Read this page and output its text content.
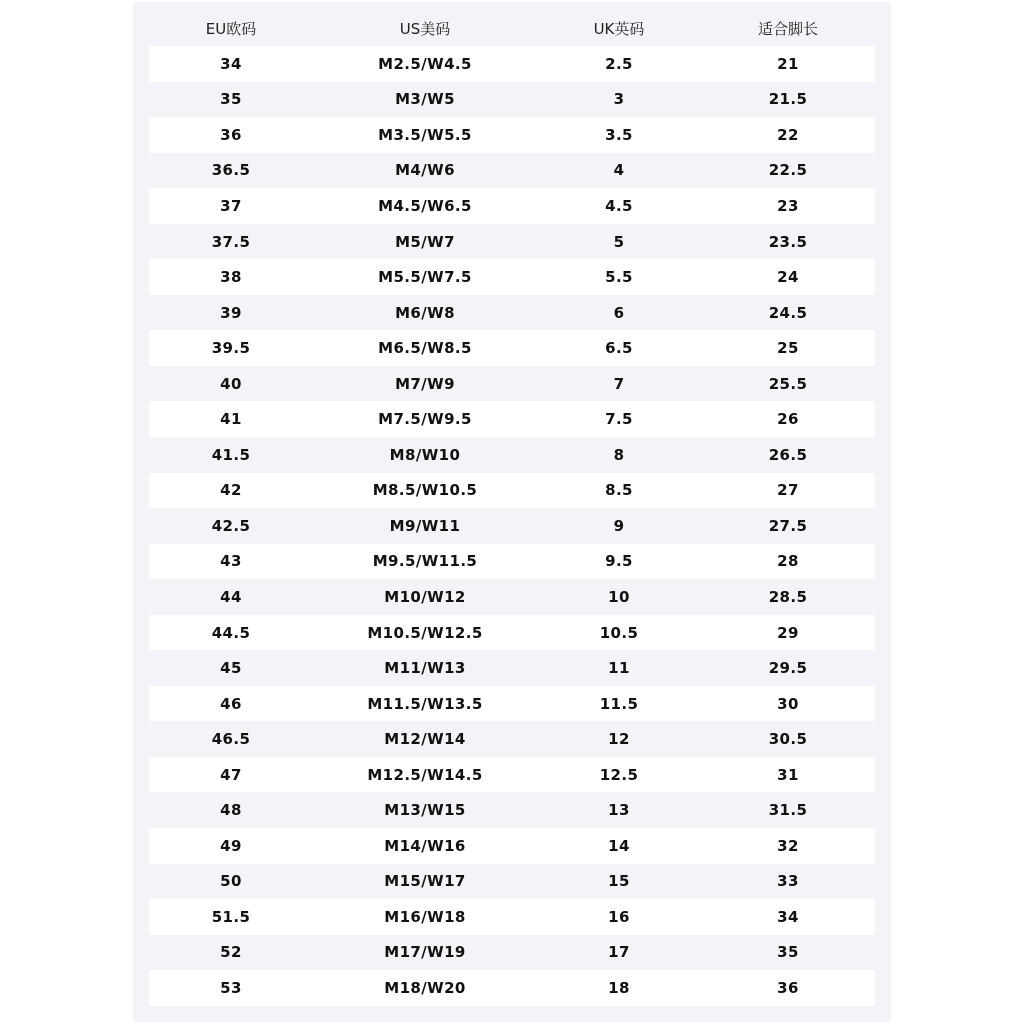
EU欧码	US美码	UK英码	适合脚长
34	M2.5/W4.5	2.5	21
35	M3/W5	3	21.5
36	M3.5/W5.5	3.5	22
36.5	M4/W6	4	22.5
37	M4.5/W6.5	4.5	23
37.5	M5/W7	5	23.5
38	M5.5/W7.5	5.5	24
39	M6/W8	6	24.5
39.5	M6.5/W8.5	6.5	25
40	M7/W9	7	25.5
41	M7.5/W9.5	7.5	26
41.5	M8/W10	8	26.5
42	M8.5/W10.5	8.5	27
42.5	M9/W11	9	27.5
43	M9.5/W11.5	9.5	28
44	M10/W12	10	28.5
44.5	M10.5/W12.5	10.5	29
45	M11/W13	11	29.5
46	M11.5/W13.5	11.5	30
46.5	M12/W14	12	30.5
47	M12.5/W14.5	12.5	31
48	M13/W15	13	31.5
49	M14/W16	14	32
50	M15/W17	15	33
51.5	M16/W18	16	34
52	M17/W19	17	35
53	M18/W20	18	36
